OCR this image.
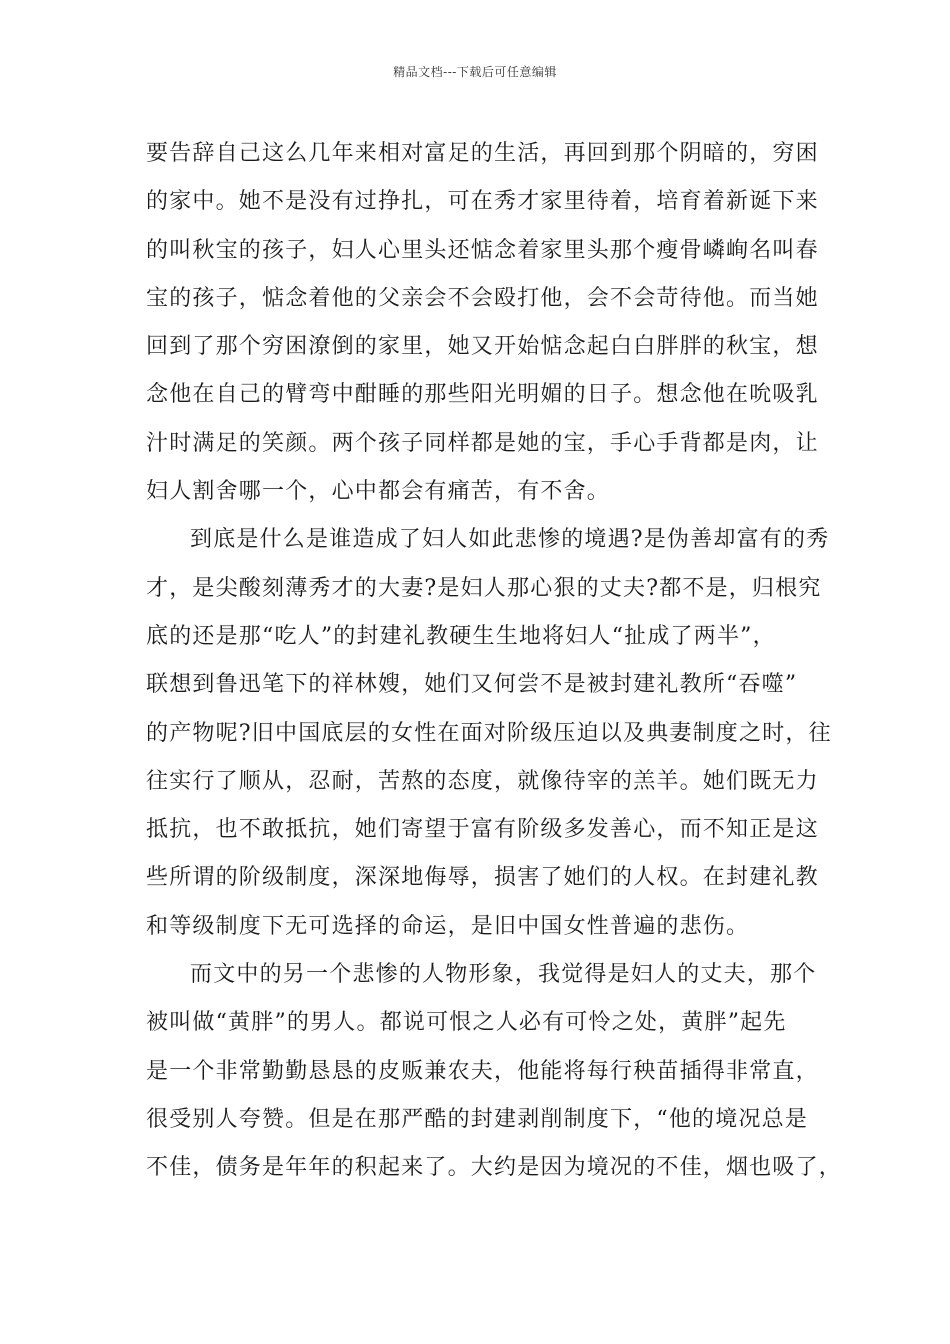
精品文档---下载后可任意编辑
要告辞自己这么几年来相对富足的生活，再回到那个阴暗的，穷困
的家中。她不是没有过挣扎，可在秀才家里待着，培育着新诞下来
的叫秋宝的孩子，妇人心里头还惦念着家里头那个瘦骨嶙峋名叫春
宝的孩子，惦念着他的父亲会不会殴打他，会不会苛待他。而当她
回到了那个穷困潦倒的家里，她又开始惦念起白白胖胖的秋宝，想
念他在自己的臂弯中酣睡的那些阳光明媚的日子。想念他在吮吸乳
汁时满足的笑颜。两个孩子同样都是她的宝，手心手背都是肉，让
妇人割舍哪一个，心中都会有痛苦，有不舍。
到底是什么是谁造成了妇人如此悲惨的境遇?是伪善却富有的秀
才，是尖酸刻薄秀才的大妻?是妇人那心狠的丈夫?都不是，归根究
底的还是那“吃人”的封建礼教硬生生地将妇人“扯成了两半”，
联想到鲁迅笔下的祥林嫂，她们又何尝不是被封建礼教所“吞噬”
的产物呢?旧中国底层的女性在面对阶级压迫以及典妻制度之时，往
往实行了顺从，忍耐，苦熬的态度，就像待宰的羔羊。她们既无力
抵抗，也不敢抵抗，她们寄望于富有阶级多发善心，而不知正是这
些所谓的阶级制度，深深地侮辱，损害了她们的人权。在封建礼教
和等级制度下无可选择的命运，是旧中国女性普遍的悲伤。
而文中的另一个悲惨的人物形象，我觉得是妇人的丈夫，那个
被叫做“黄胖”的男人。都说可恨之人必有可怜之处，黄胖”起先
是一个非常勤勤恳恳的皮贩兼农夫，他能将每行秧苗插得非常直，
很受别人夸赞。但是在那严酷的封建剥削制度下，“他的境况总是
不佳，债务是年年的积起来了。大约是因为境况的不佳，烟也吸了，
